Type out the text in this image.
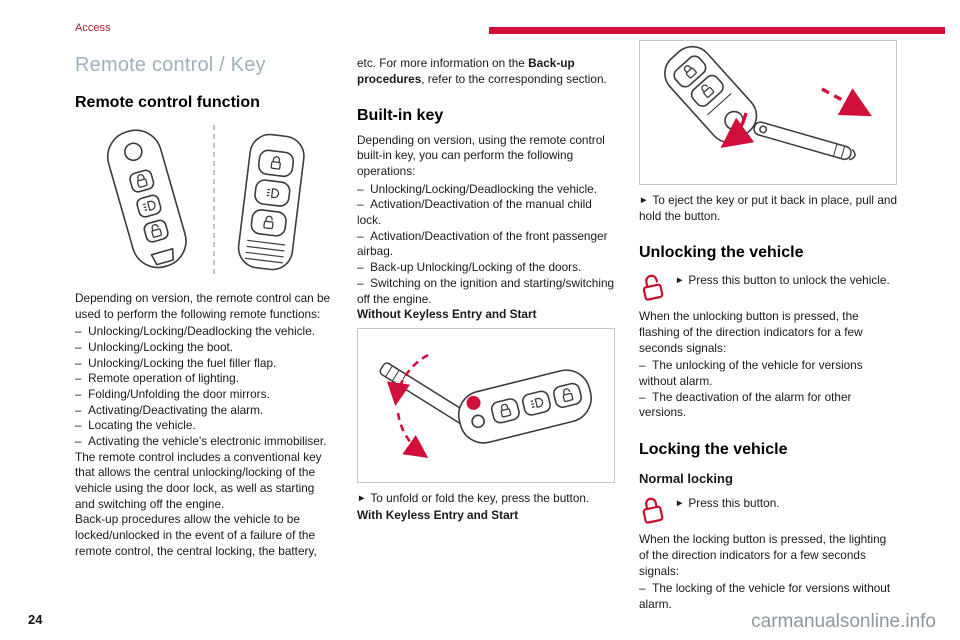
Access
Remote control / Key
Remote control function

Depending on version, the remote control can be used to perform the following remote functions:

–  Unlocking/Locking/Deadlocking the vehicle.
–  Unlocking/Locking the boot.
–  Unlocking/Locking the fuel filler flap.
–  Remote operation of lighting.
–  Folding/Unfolding the door mirrors.
–  Activating/Deactivating the alarm.
–  Locating the vehicle.
–  Activating the vehicle's electronic immobiliser.

The remote control includes a conventional key that allows the central unlocking/locking of the vehicle using the door lock, as well as starting and switching off the engine.

Back-up procedures allow the vehicle to be locked/unlocked in the event of a failure of the remote control, the central locking, the battery,

etc. For more information on the Back-up procedures, refer to the corresponding section.

Built-in key

Depending on version, using the remote control built-in key, you can perform the following operations:

–  Unlocking/Locking/Deadlocking the vehicle.
–  Activation/Deactivation of the manual child lock.
–  Activation/Deactivation of the front passenger airbag.
–  Back-up Unlocking/Locking of the doors.
–  Switching on the ignition and starting/switching off the engine.

Without Keyless Entry and Start

► To unfold or fold the key, press the button.

With Keyless Entry and Start

► To eject the key or put it back in place, pull and hold the button.

Unlocking the vehicle
► Press this button to unlock the vehicle.

When the unlocking button is pressed, the flashing of the direction indicators for a few seconds signals:

–  The unlocking of the vehicle for versions without alarm.
–  The deactivation of the alarm for other versions.
Locking the vehicle
Normal locking
► Press this button.

When the locking button is pressed, the lighting of the direction indicators for a few seconds signals:

–  The locking of the vehicle for versions without alarm.
24	carmanualsonline.info
